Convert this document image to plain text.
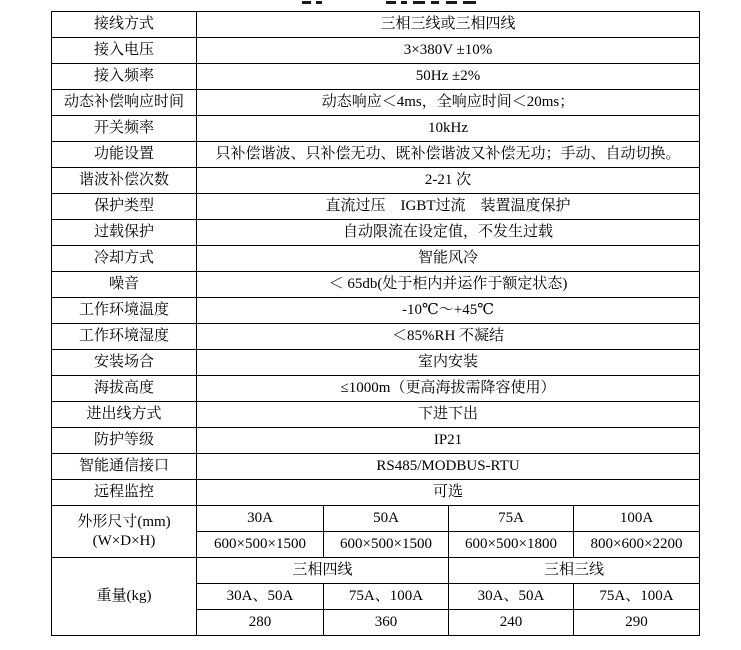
接线方式	三相三线或三相四线			
接入电压	3×380V ±10%			
接入频率	50Hz ±2%			
动态补偿响应时间	动态响应＜4ms，全响应时间＜20ms；			
开关频率	10kHz			
功能设置	只补偿谐波、只补偿无功、既补偿谐波又补偿无功；手动、自动切换。			
谐波补偿次数	2-21 次			
保护类型	直流过压　IGBT过流　装置温度保护			
过载保护	自动限流在设定值，不发生过载			
冷却方式	智能风冷			
噪音	＜ 65db(处于柜内并运作于额定状态)			
工作环境温度	-10℃～+45℃			
工作环境湿度	＜85%RH 不凝结			
安装场合	室内安装			
海拔高度	≤1000m（更高海拔需降容使用）			
进出线方式	下进下出			
防护等级	IP21			
智能通信接口	RS485/MODBUS-RTU			
远程监控	可选			

外形尺寸(mm)
(W×D×H)	30A	50A	75A	100A
	600×500×1500	600×500×1500	600×500×1800	800×600×2200
重量(kg)	三相四线		三相三线	
	30A、50A	75A、100A	30A、50A	75A、100A
	280	360	240	290
